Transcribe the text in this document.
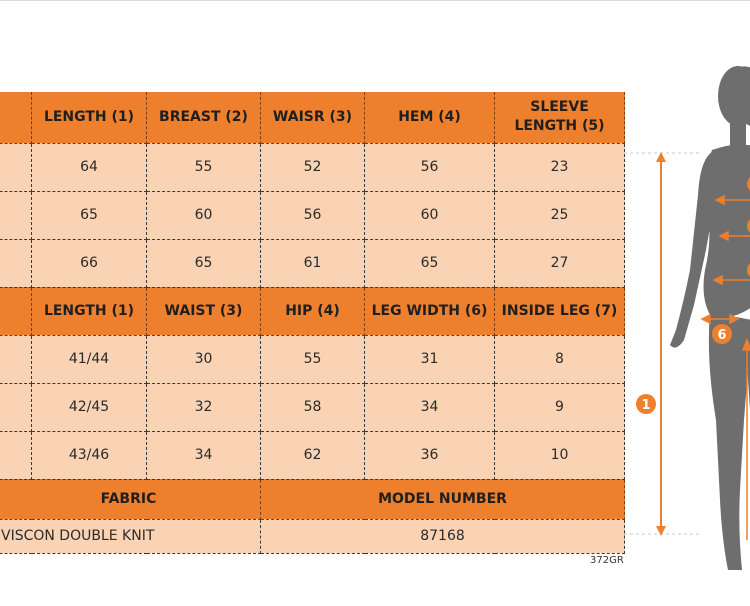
	LENGTH (1)	BREAST (2)	WAISR (3)	HEM (4)	SLEEVE LENGTH (5)
	64	55	52	56	23
	65	60	56	60	25
	66	65	61	65	27
	LENGTH (1)	WAIST (3)	HIP (4)	LEG WIDTH (6)	INSIDE LEG (7)
	41/44	30	55	31	8
	42/45	32	58	34	9
	43/46	34	62	36	10
FABRIC			MODEL NUMBER		
VISCON DOUBLE KNIT			87168		
372GR
1
6
